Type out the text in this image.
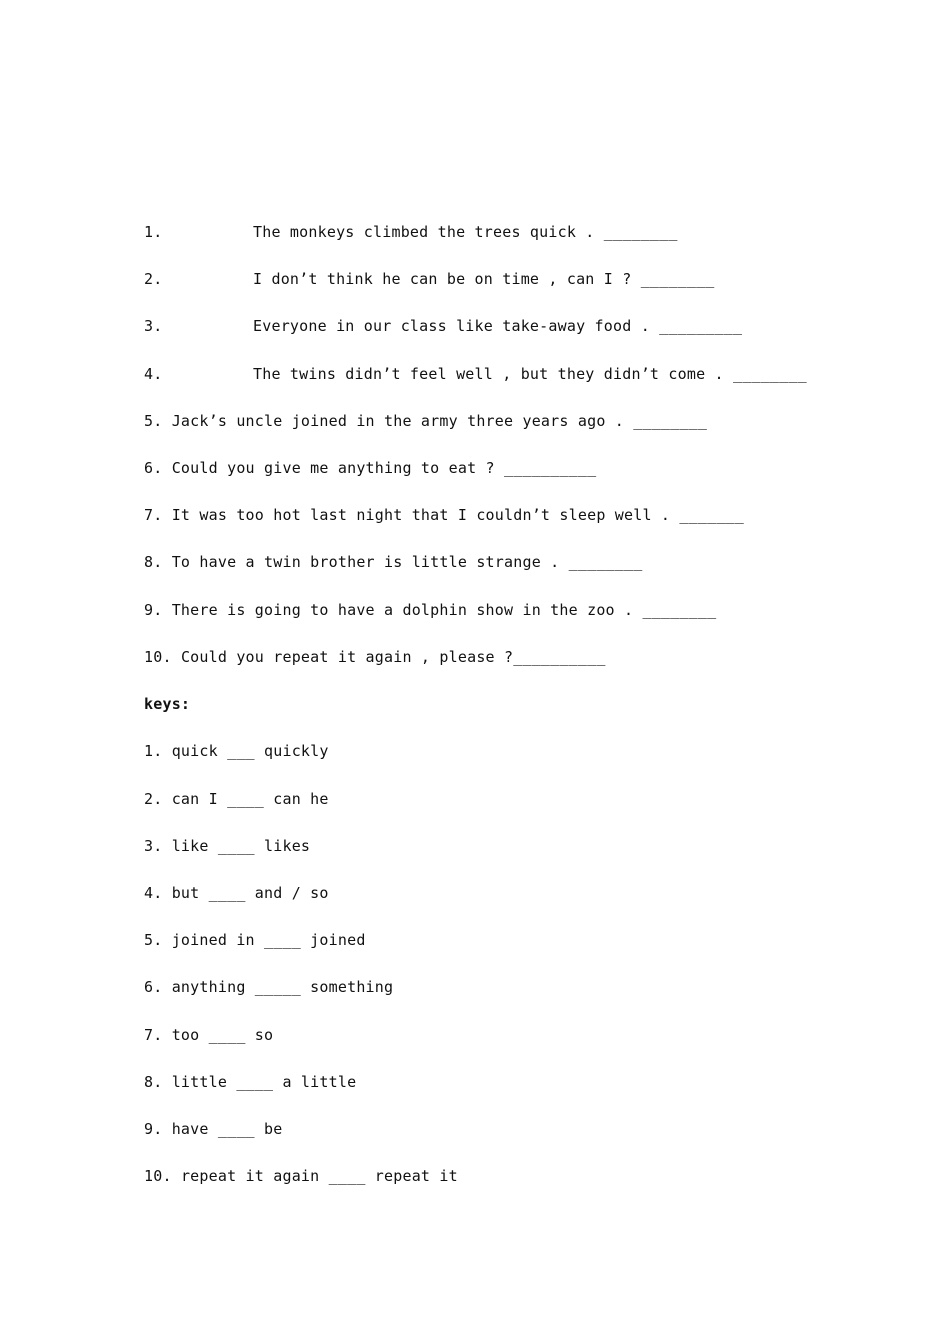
1.	The monkeys climbed the trees quick . ________
2.	I don’t think he can be on time , can I ? ________
3.	Everyone in our class like take-away food . _________
4.	The twins didn’t feel well , but they didn’t come . ________
5. Jack’s uncle joined in the army three years ago . ________
6. Could you give me anything to eat ? __________
7. It was too hot last night that I couldn’t sleep well . _______
8. To have a twin brother is little strange . ________
9. There is going to have a dolphin show in the zoo . ________
10. Could you repeat it again , please ?__________
keys:
1. quick ___ quickly
2. can I ____ can he
3. like ____ likes
4. but ____ and / so
5. joined in ____ joined
6. anything _____ something
7. too ____ so
8. little ____ a little
9. have ____ be
10. repeat it again ____ repeat it
